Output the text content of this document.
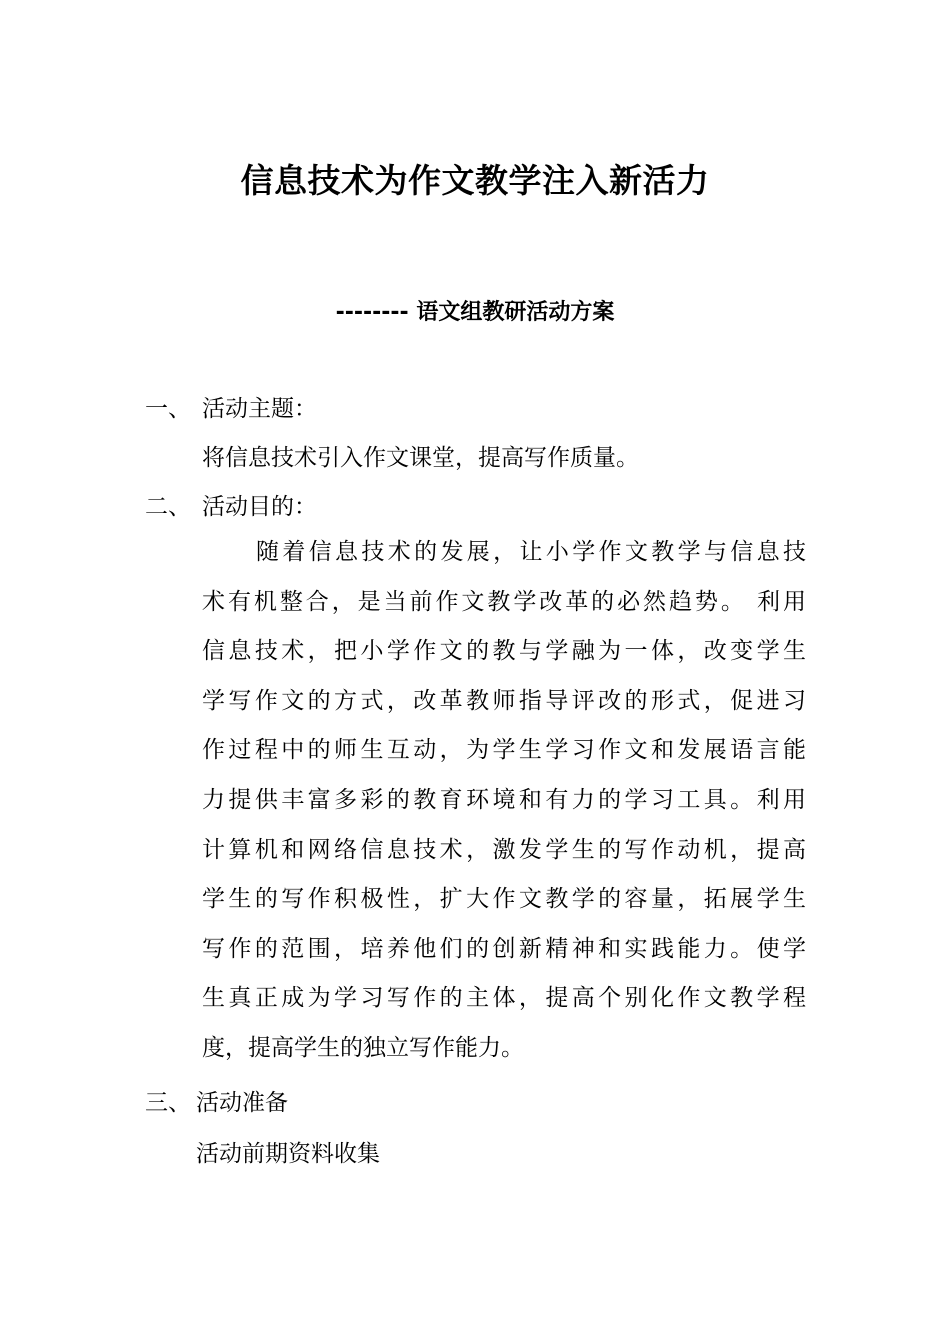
信息技术为作文教学注入新活力
-------- 语文组教研活动方案
一、 活动主题：
将信息技术引入作文课堂，提高写作质量。
二、 活动目的：
随着信息技术的发展，让小学作文教学与信息技
术有机整合，是当前作文教学改革的必然趋势。 利用
信息技术，把小学作文的教与学融为一体，改变学生
学写作文的方式，改革教师指导评改的形式，促进习
作过程中的师生互动，为学生学习作文和发展语言能
力提供丰富多彩的教育环境和有力的学习工具。利用
计算机和网络信息技术，激发学生的写作动机，提高
学生的写作积极性，扩大作文教学的容量，拓展学生
写作的范围，培养他们的创新精神和实践能力。使学
生真正成为学习写作的主体，提高个别化作文教学程
度，提高学生的独立写作能力。
三、 活动准备
活动前期资料收集
